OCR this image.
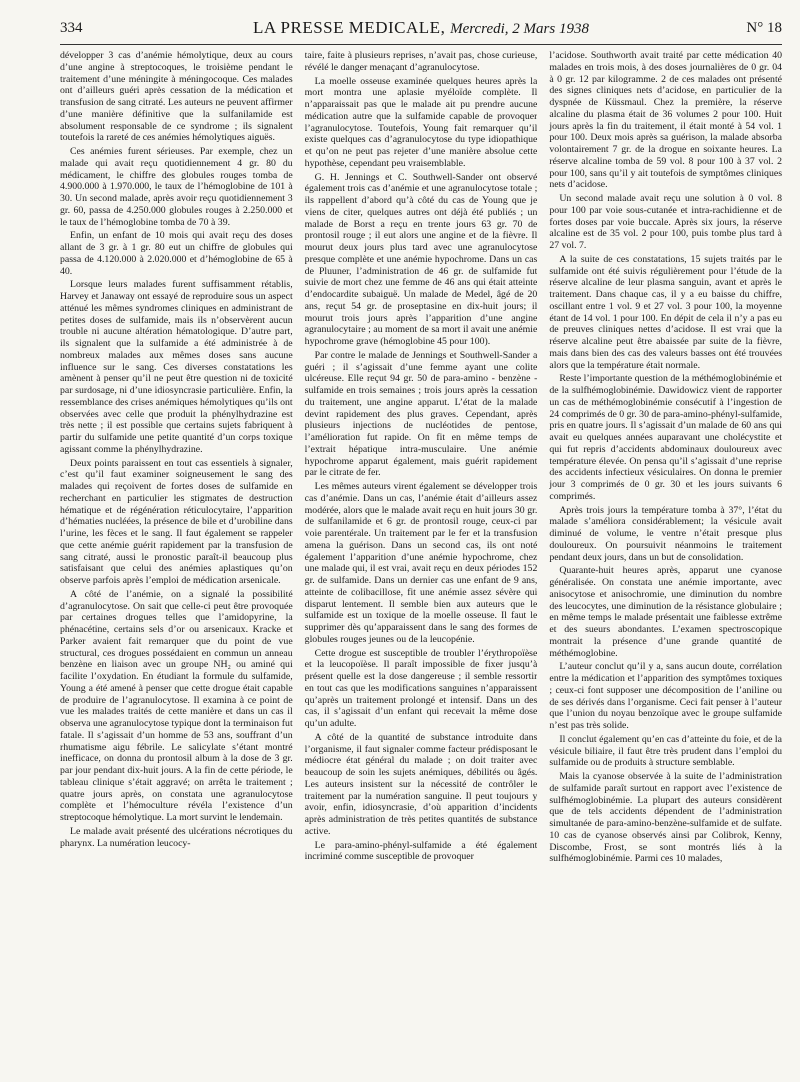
334	LA PRESSE MEDICALE, Mercredi, 2 Mars 1938	N° 18

développer 3 cas d’anémie hémolytique, deux au cours d’une angine à streptocoques, le troisième pendant le traitement d’une méningite à méningocoque. Ces malades ont d’ailleurs guéri après cessation de la médication et transfusion de sang citraté. Les auteurs ne peuvent affirmer d’une manière définitive que la sulfanilamide est absolument responsable de ce syndrome ; ils signalent toutefois la rareté de ces anémies hémolytiques aiguës.

Ces anémies furent sérieuses. Par exemple, chez un malade qui avait reçu quotidiennement 4 gr. 80 du médicament, le chiffre des globules rouges tomba de 4.900.000 à 1.970.000, le taux de l’hémoglobine de 101 à 30. Un second malade, après avoir reçu quotidiennement 3 gr. 60, passa de 4.250.000 globules rouges à 2.250.000 et le taux de l’hémoglobine tomba de 70 à 39.

Enfin, un enfant de 10 mois qui avait reçu des doses allant de 3 gr. à 1 gr. 80 eut un chiffre de globules qui passa de 4.120.000 à 2.020.000 et d’hémoglobine de 65 à 40.

Lorsque leurs malades furent suffisamment rétablis, Harvey et Janaway ont essayé de reproduire sous un aspect atténué les mêmes syndromes cliniques en administrant de petites doses de sulfamide, mais ils n’observèrent aucun trouble ni aucune altération hématologique. D’autre part, ils signalent que la sulfamide a été administrée à de nombreux malades aux mêmes doses sans aucune influence sur le sang. Ces diverses constatations les amènent à penser qu’il ne peut être question ni de toxicité par surdosage, ni d’une idiosyncrasie particulière. Enfin, la ressemblance des crises anémiques hémolytiques qu’ils ont observées avec celle que produit la phénylhydrazine est très nette ; il est possible que certains sujets fabriquent à partir du sulfamide une petite quantité d’un corps toxique agissant comme la phénylhydrazine.

Deux points paraissent en tout cas essentiels à signaler, c’est qu’il faut examiner soigneusement le sang des malades qui reçoivent de fortes doses de sulfamide en recherchant en particulier les stigmates de destruction hématique et de régénération réticulocytaire, l’apparition d’hématies nucléées, la présence de bile et d’urobiline dans l’urine, les fèces et le sang. Il faut également se rappeler que cette anémie guérit rapidement par la transfusion de sang citraté, aussi le pronostic paraît-il beaucoup plus satisfaisant que celui des anémies aplastiques qu’on observe parfois après l’emploi de médication arsenicale.

A côté de l’anémie, on a signalé la possibilité d’agranulocytose. On sait que celle-ci peut être provoquée par certaines drogues telles que l’amidopyrine, la phénacétine, certains sels d’or ou arsenicaux. Kracke et Parker avaient fait remarquer que du point de vue structural, ces drogues possédaient en commun un anneau benzène en liaison avec un groupe NH₂ ou aminé qui facilite l’oxydation. En étudiant la formule du sulfamide, Young a été amené à penser que cette drogue était capable de produire de l’agranulocytose. Il examina à ce point de vue les malades traités de cette manière et dans un cas il observa une agranulocytose typique dont la terminaison fut fatale. Il s’agissait d’un homme de 53 ans, souffrant d’un rhumatisme aigu fébrile. Le salicylate s’étant montré inefficace, on donna du prontosil album à la dose de 3 gr. par jour pendant dix-huit jours. A la fin de cette période, le tableau clinique s’était aggravé; on arrêta le traitement ; quatre jours après, on constata une agranulocytose complète et l’hémoculture révéla l’existence d’un streptocoque hémolytique. La mort survint le lendemain.

Le malade avait présenté des ulcérations nécrotiques du pharynx. La numération leucocy-

taire, faite à plusieurs reprises, n’avait pas, chose curieuse, révélé le danger menaçant d’agranulocytose.

La moelle osseuse examinée quelques heures après la mort montra une aplasie myéloïde complète. Il n’apparaissait pas que le malade ait pu prendre aucune médication autre que la sulfamide capable de provoquer l’agranulocytose. Toutefois, Young fait remarquer qu’il existe quelques cas d’agranulocytose du type idiopathique et qu’on ne peut pas rejeter d’une manière absolue cette hypothèse, cependant peu vraisemblable.

G. H. Jennings et C. Southwell-Sander ont observé également trois cas d’anémie et une agranulocytose totale ; ils rappellent d’abord qu’à côté du cas de Young que je viens de citer, quelques autres ont déjà été publiés ; un malade de Borst a reçu en trente jours 63 gr. 70 de prontosil rouge ; il eut alors une angine et de la fièvre. Il mourut deux jours plus tard avec une agranulocytose presque complète et une anémie hypochrome. Dans un cas de Pluuner, l’administration de 46 gr. de sulfamide fut suivie de mort chez une femme de 46 ans qui était atteinte d’endocardite subaiguë. Un malade de Medel, âgé de 20 ans, reçut 54 gr. de proseptasine en dix-huit jours; il mourut trois jours après l’apparition d’une angine agranulocytaire ; au moment de sa mort il avait une anémie hypochrome grave (hémoglobine 45 pour 100).

Par contre le malade de Jennings et Southwell-Sander a guéri ; il s’agissait d’une femme ayant une colite ulcéreuse. Elle reçut 94 gr. 50 de para-amino - benzène - sulfamide en trois semaines ; trois jours après la cessation du traitement, une angine apparut. L’état de la malade devint rapidement des plus graves. Cependant, après plusieurs injections de nucléotides de pentose, l’amélioration fut rapide. On fit en même temps de l’extrait hépatique intra-musculaire. Une anémie hypochrome apparut également, mais guérit rapidement par le citrate de fer.

Les mêmes auteurs virent également se développer trois cas d’anémie. Dans un cas, l’anémie était d’ailleurs assez modérée, alors que le malade avait reçu en huit jours 30 gr. de sulfanilamide et 6 gr. de prontosil rouge, ceux-ci par voie parentérale. Un traitement par le fer et la transfusion amena la guérison. Dans un second cas, ils ont noté également l’apparition d’une anémie hypochrome, chez une malade qui, il est vrai, avait reçu en deux périodes 152 gr. de sulfamide. Dans un dernier cas une enfant de 9 ans, atteinte de colibacillose, fit une anémie assez sévère qui disparut lentement. Il semble bien aux auteurs que le sulfamide est un toxique de la moelle osseuse. Il faut le supprimer dès qu’apparaissent dans le sang des formes de globules rouges jeunes ou de la leucopénie.

Cette drogue est susceptible de troubler l’érythropoïèse et la leucopoïèse. Il paraît impossible de fixer jusqu’à présent quelle est la dose dangereuse ; il semble ressortir en tout cas que les modifications sanguines n’apparaissent qu’après un traitement prolongé et intensif. Dans un des cas, il s’agissait d’un enfant qui recevait la même dose qu’un adulte.

A côté de la quantité de substance introduite dans l’organisme, il faut signaler comme facteur prédisposant le médiocre état général du malade ; on doit traiter avec beaucoup de soin les sujets anémiques, débilités ou âgés. Les auteurs insistent sur la nécessité de contrôler le traitement par la numération sanguine. Il peut toujours y avoir, enfin, idiosyncrasie, d’où apparition d’incidents après administration de très petites quantités de substance active.

Le para-amino-phényl-sulfamide a été également incriminé comme susceptible de provoquer

l’acidose. Southworth avait traité par cette médication 40 malades en trois mois, à des doses journalières de 0 gr. 04 à 0 gr. 12 par kilogramme. 2 de ces malades ont présenté des signes cliniques nets d’acidose, en particulier de la dyspnée de Küssmaul. Chez la première, la réserve alcaline du plasma était de 36 volumes 2 pour 100. Huit jours après la fin du traitement, il était monté à 54 vol. 1 pour 100. Deux mois après sa guérison, la malade absorba volontairement 7 gr. de la drogue en soixante heures. La réserve alcaline tomba de 59 vol. 8 pour 100 à 37 vol. 2 pour 100, sans qu’il y ait toutefois de symptômes cliniques nets d’acidose.

Un second malade avait reçu une solution à 0 vol. 8 pour 100 par voie sous-cutanée et intra-rachidienne et de fortes doses par voie buccale. Après six jours, la réserve alcaline est de 35 vol. 2 pour 100, puis tombe plus tard à 27 vol. 7.

A la suite de ces constatations, 15 sujets traités par le sulfamide ont été suivis régulièrement pour l’étude de la réserve alcaline de leur plasma sanguin, avant et après le traitement. Dans chaque cas, il y a eu baisse du chiffre, oscillant entre 1 vol. 9 et 27 vol. 3 pour 100, la moyenne étant de 14 vol. 1 pour 100. En dépit de cela il n’y a pas eu de preuves cliniques nettes d’acidose. Il est vrai que la réserve alcaline peut être abaissée par suite de la fièvre, mais dans bien des cas des valeurs basses ont été trouvées alors que la température était normale.

Reste l’importante question de la méthémoglobinémie et de la sulfhémoglobinémie. Dawidowicz vient de rapporter un cas de méthémoglobinémie consécutif à l’ingestion de 24 comprimés de 0 gr. 30 de para-amino-phényl-sulfamide, pris en quatre jours. Il s’agissait d’un malade de 60 ans qui avait eu quelques années auparavant une cholécystite et qui fut repris d’accidents abdominaux douloureux avec température élevée. On pensa qu’il s’agissait d’une reprise des accidents infectieux vésiculaires. On donna le premier jour 3 comprimés de 0 gr. 30 et les jours suivants 6 comprimés.

Après trois jours la température tomba à 37°, l’état du malade s’améliora considérablement; la vésicule avait diminué de volume, le ventre n’était presque plus douloureux. On poursuivit néanmoins le traitement pendant deux jours, dans un but de consolidation.

Quarante-huit heures après, apparut une cyanose généralisée. On constata une anémie importante, avec anisocytose et anisochromie, une diminution du nombre des leucocytes, une diminution de la résistance globulaire ; en même temps le malade présentait une faiblesse extrême et des sueurs abondantes. L’examen spectroscopique montrait la présence d’une grande quantité de méthémoglobine.

L’auteur conclut qu’il y a, sans aucun doute, corrélation entre la médication et l’apparition des symptômes toxiques ; ceux-ci font supposer une décomposition de l’aniline ou de ses dérivés dans l’organisme. Ceci fait penser à l’auteur que l’union du noyau benzoïque avec le groupe sulfamide n’est pas très solide.

Il conclut également qu’en cas d’atteinte du foie, et de la vésicule biliaire, il faut être très prudent dans l’emploi du sulfamide ou de produits à structure semblable.

Mais la cyanose observée à la suite de l’administration de sulfamide paraît surtout en rapport avec l’existence de sulfhémoglobinémie. La plupart des auteurs considèrent que de tels accidents dépendent de l’administration simultanée de para-amino-benzène-sulfamide et de sulfate. 10 cas de cyanose observés ainsi par Colibrok, Kenny, Discombe, Frost, se sont montrés liés à la sulfhémoglobinémie. Parmi ces 10 malades,
